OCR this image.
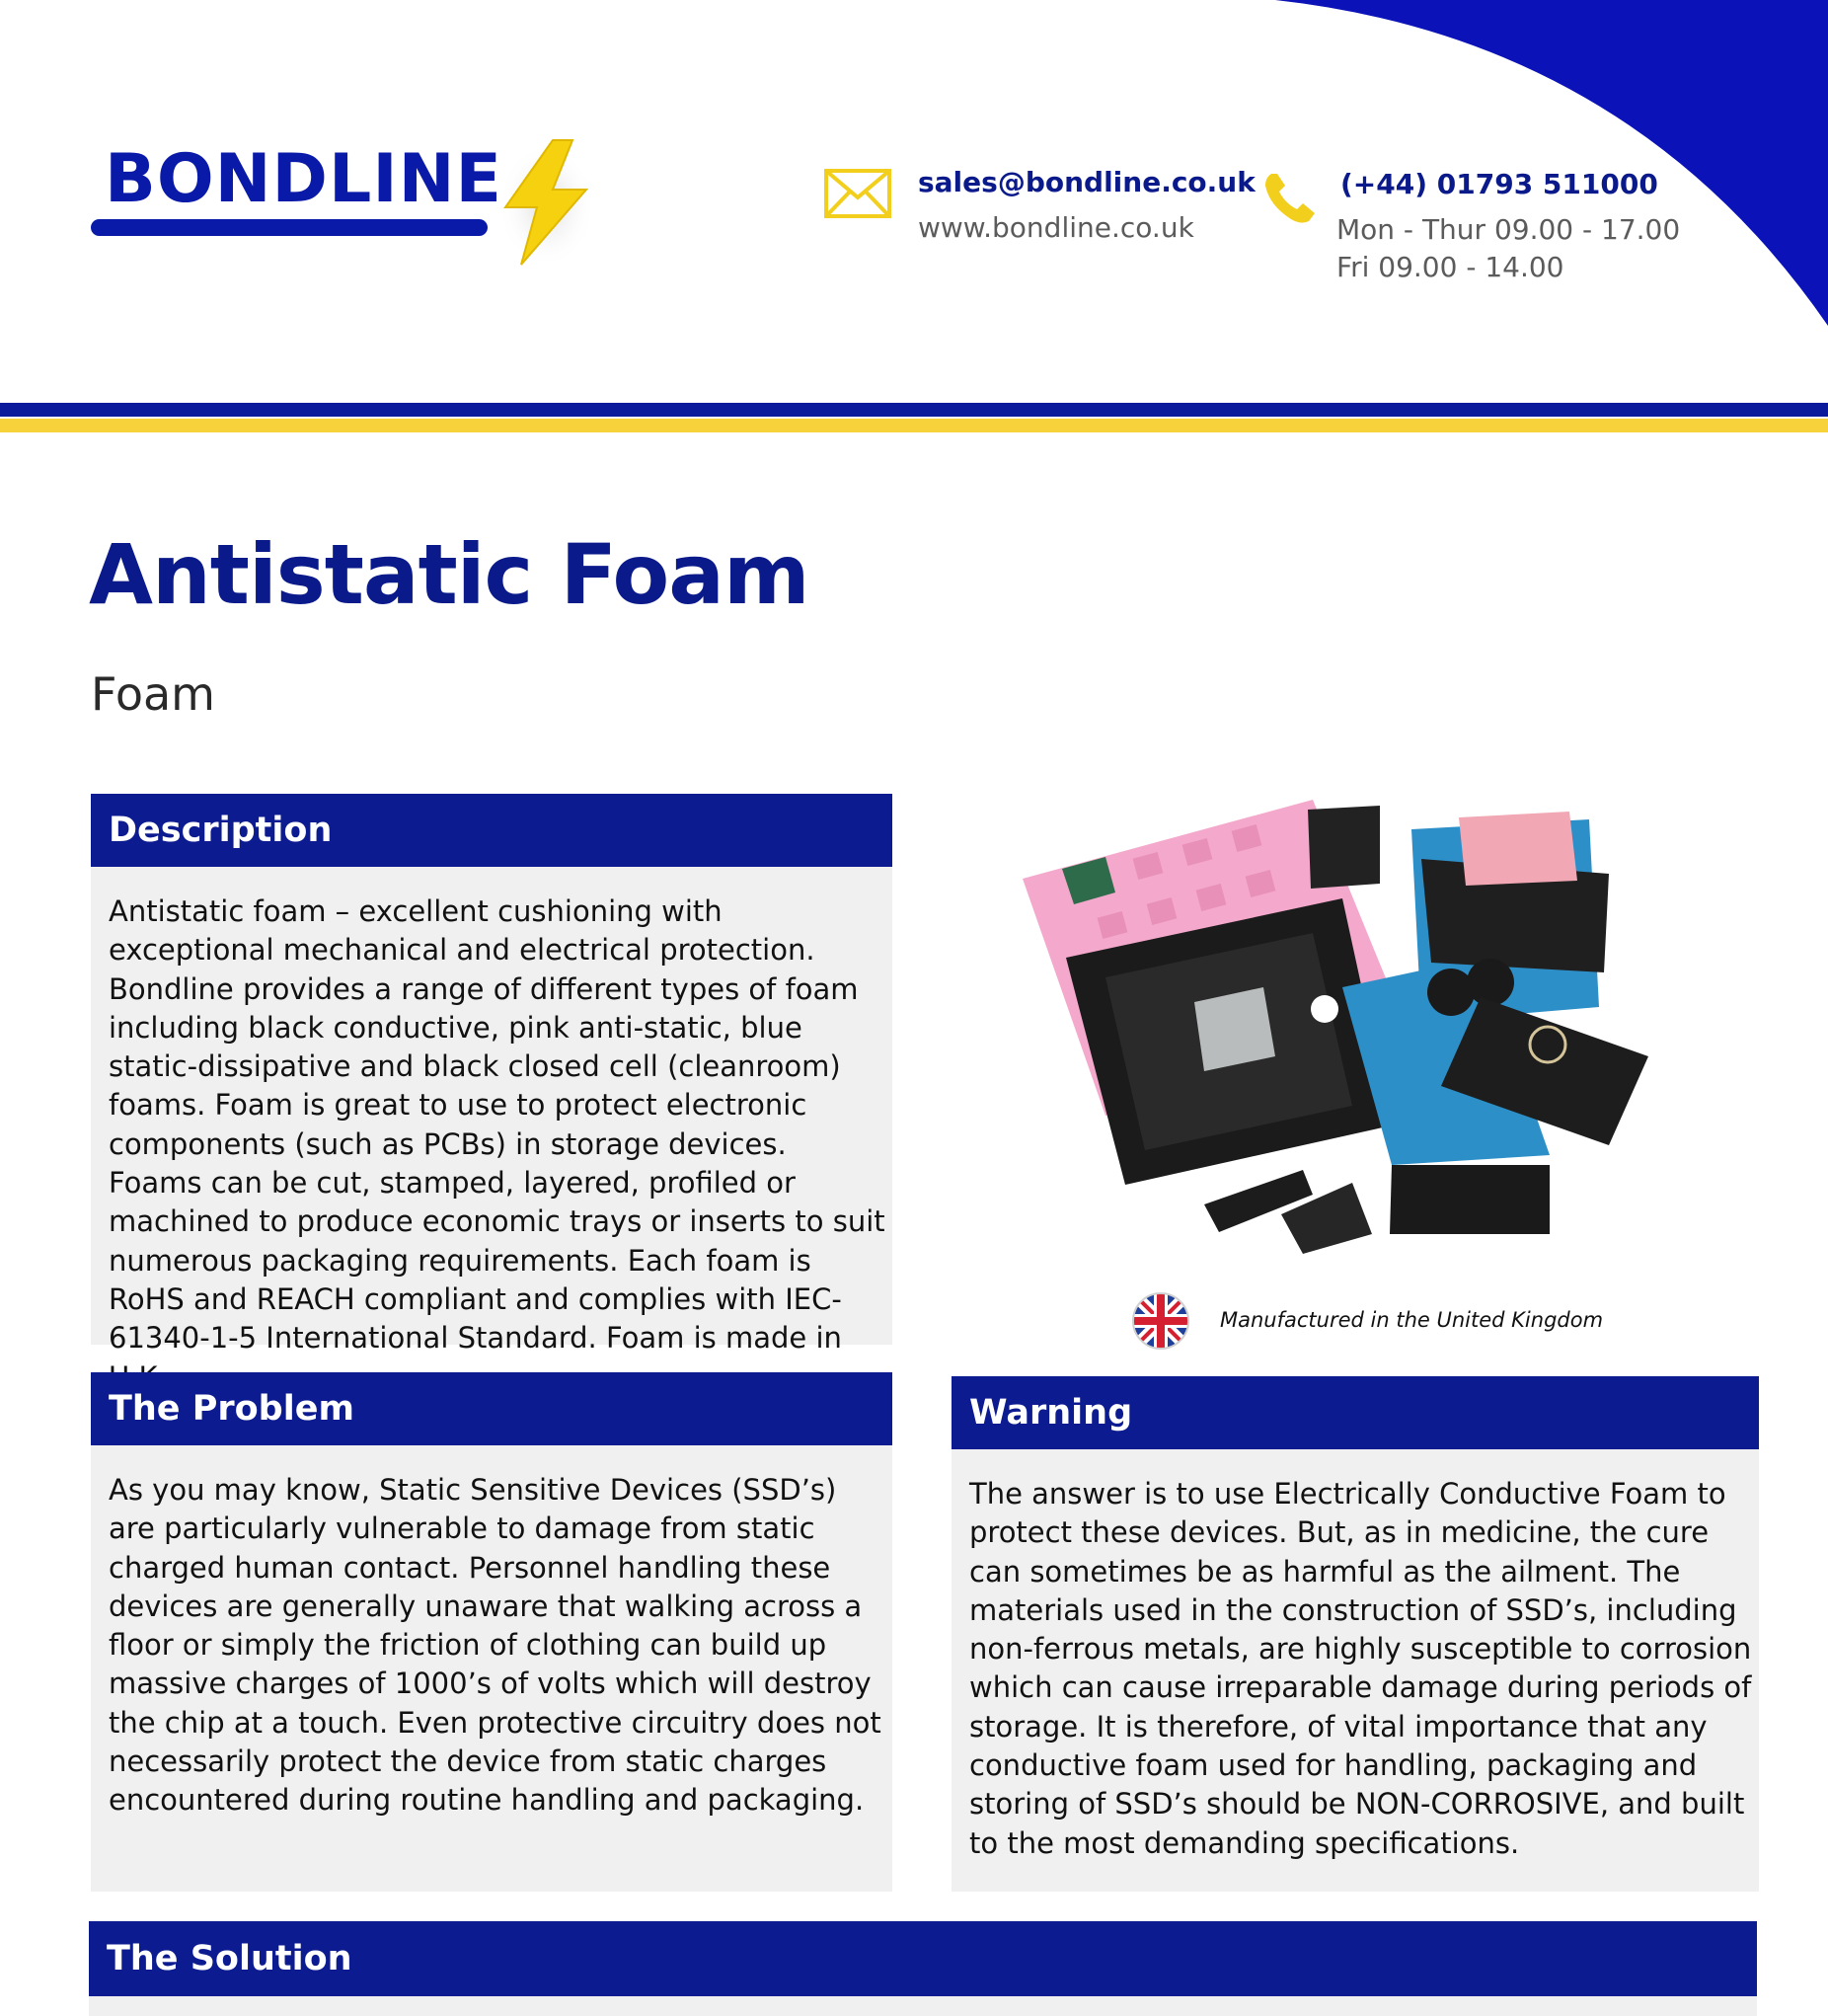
BONDLINE	sales@bondline.co.uk
www.bondline.co.uk
(+44) 01793 511000
Mon - Thur 09.00 - 17.00
Fri 09.00 - 14.00
Antistatic Foam
Foam
Description
Antistatic foam – excellent cushioning with exceptional mechanical and electrical protection. Bondline provides a range of different types of foam including black conductive, pink anti-static, blue static-dissipative and black closed cell (cleanroom) foams. Foam is great to use to protect electronic components (such as PCBs) in storage devices. Foams can be cut, stamped, layered, profiled or machined to produce economic trays or inserts to suit numerous packaging requirements. Each foam is RoHS and REACH compliant and complies with IEC-61340-1-5 International Standard. Foam is made in
Manufactured in the United Kingdom
The Problem
As you may know, Static Sensitive Devices (SSD’s) are particularly vulnerable to damage from static charged human contact. Personnel handling these devices are generally unaware that walking across a floor or simply the friction of clothing can build up massive charges of 1000’s of volts which will destroy the chip at a touch. Even protective circuitry does not necessarily protect the device from static charges encountered during routine handling and packaging.
Warning
The answer is to use Electrically Conductive Foam to protect these devices. But, as in medicine, the cure can sometimes be as harmful as the ailment. The materials used in the construction of SSD’s, including non-ferrous metals, are highly susceptible to corrosion which can cause irreparable damage during periods of storage. It is therefore, of vital importance that any conductive foam used for handling, packaging and storing of SSD’s should be NON-CORROSIVE, and built to the most demanding specifications.
The Solution
